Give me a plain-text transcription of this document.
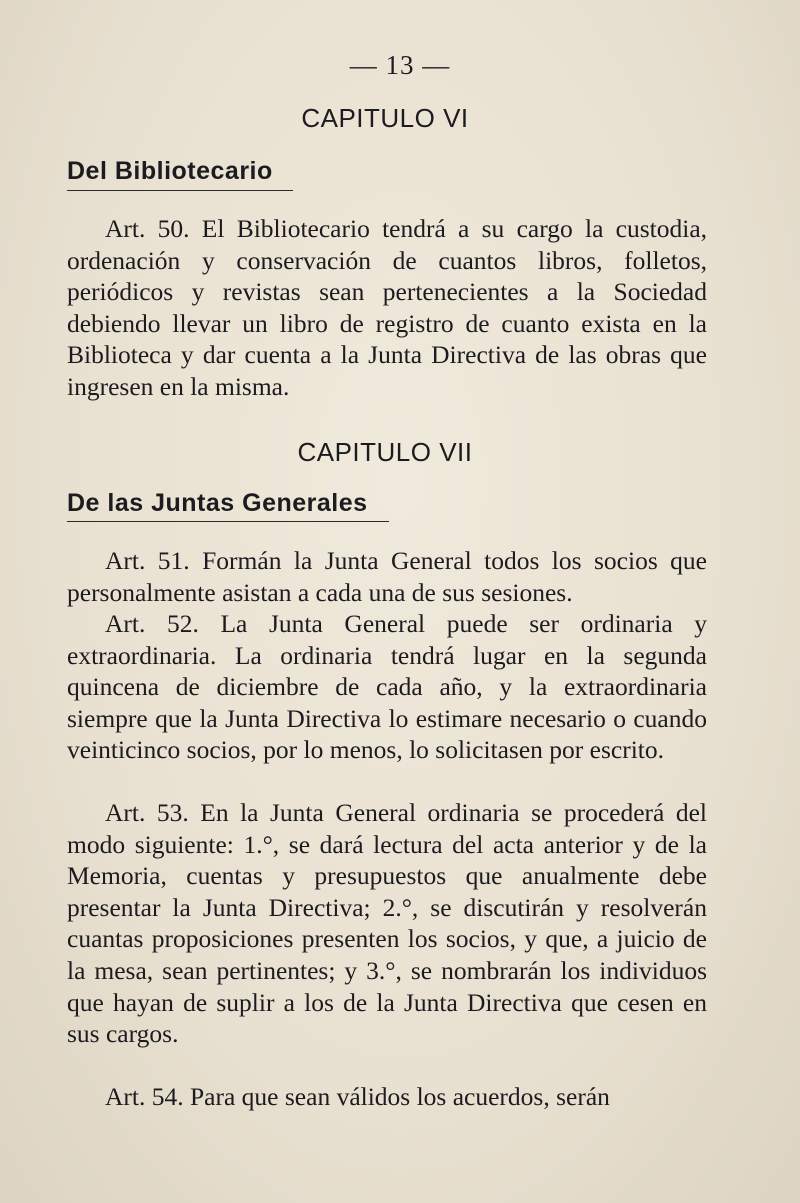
— 13 —
CAPITULO VI
Del Bibliotecario

Art. 50. El Bibliotecario tendrá a su cargo la custodia, ordenación y conservación de cuantos libros, folletos, periódicos y revistas sean pertenecientes a la Sociedad debiendo llevar un libro de registro de cuanto exista en la Biblioteca y dar cuenta a la Junta Directiva de las obras que ingresen en la misma.

CAPITULO VII
De las Juntas Generales

Art. 51. Formán la Junta General todos los socios que personalmente asistan a cada una de sus sesiones.

Art. 52. La Junta General puede ser ordinaria y extraordinaria. La ordinaria tendrá lugar en la segunda quincena de diciembre de cada año, y la extraordinaria siempre que la Junta Directiva lo estimare necesario o cuando veinticinco socios, por lo menos, lo solicitasen por escrito.

Art. 53. En la Junta General ordinaria se procederá del modo siguiente: 1.°, se dará lectura del acta anterior y de la Memoria, cuentas y presupuestos que anualmente debe presentar la Junta Directiva; 2.°, se discutirán y resolverán cuantas proposiciones presenten los socios, y que, a juicio de la mesa, sean pertinentes; y 3.°, se nombrarán los individuos que hayan de suplir a los de la Junta Directiva que cesen en sus cargos.

Art. 54. Para que sean válidos los acuerdos, serán
